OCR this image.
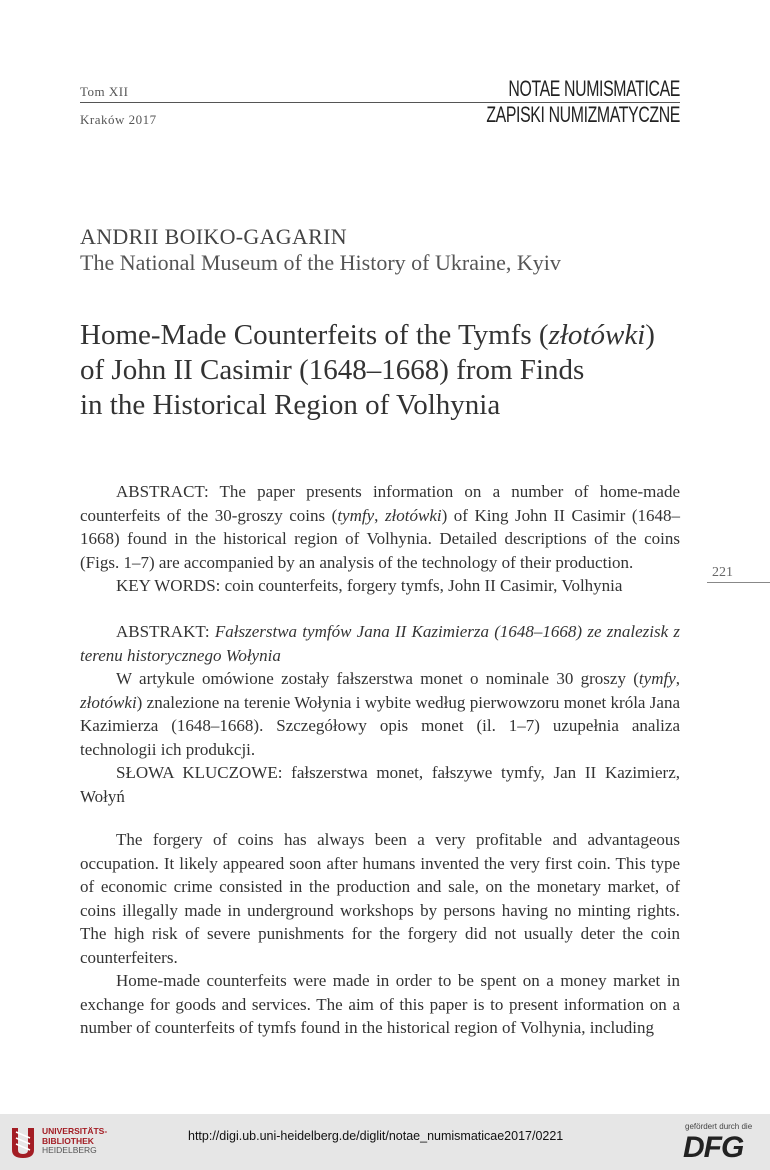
Tom XII
Kraków 2017
NOTAE NUMISMATICAE
ZAPISKI NUMIZMATYCZNE
ANDRII BOIKO-GAGARIN
The National Museum of the History of Ukraine, Kyiv
Home-Made Counterfeits of the Tymfs (złotówki)
of John II Casimir (1648–1668) from Finds
in the Historical Region of Volhynia

ABSTRACT: The paper presents information on a number of home-made counterfeits of the 30-groszy coins (tymfy, złotówki) of King John II Casimir (1648–1668) found in the historical region of Volhynia. Detailed descriptions of the coins (Figs. 1–7) are accompanied by an analysis of the technology of their production.

KEY WORDS: coin counterfeits, forgery tymfs, John II Casimir, Volhynia

221

ABSTRAKT: Fałszerstwa tymfów Jana II Kazimierza (1648–1668) ze znalezisk z terenu historycznego Wołynia

W artykule omówione zostały fałszerstwa monet o nominale 30 groszy (tymfy, złotówki) znalezione na terenie Wołynia i wybite według pierwowzoru monet króla Jana Kazimierza (1648–1668). Szczegółowy opis monet (il. 1–7) uzupełnia analiza technologii ich produkcji.

SŁOWA KLUCZOWE: fałszerstwa monet, fałszywe tymfy, Jan II Kazimierz, Wołyń

The forgery of coins has always been a very profitable and advantageous occupation. It likely appeared soon after humans invented the very first coin. This type of economic crime consisted in the production and sale, on the monetary market, of coins illegally made in underground workshops by persons having no minting rights. The high risk of severe punishments for the forgery did not usually deter the coin counterfeiters.

Home-made counterfeits were made in order to be spent on a money market in exchange for goods and services. The aim of this paper is to present information on a number of counterfeits of tymfs found in the historical region of Volhynia, including

UNIVERSITÄTS-
BIBLIOTHEK
HEIDELBERG
http://digi.ub.uni-heidelberg.de/diglit/notae_numismaticae2017/0221
gefördert durch die
DFG
